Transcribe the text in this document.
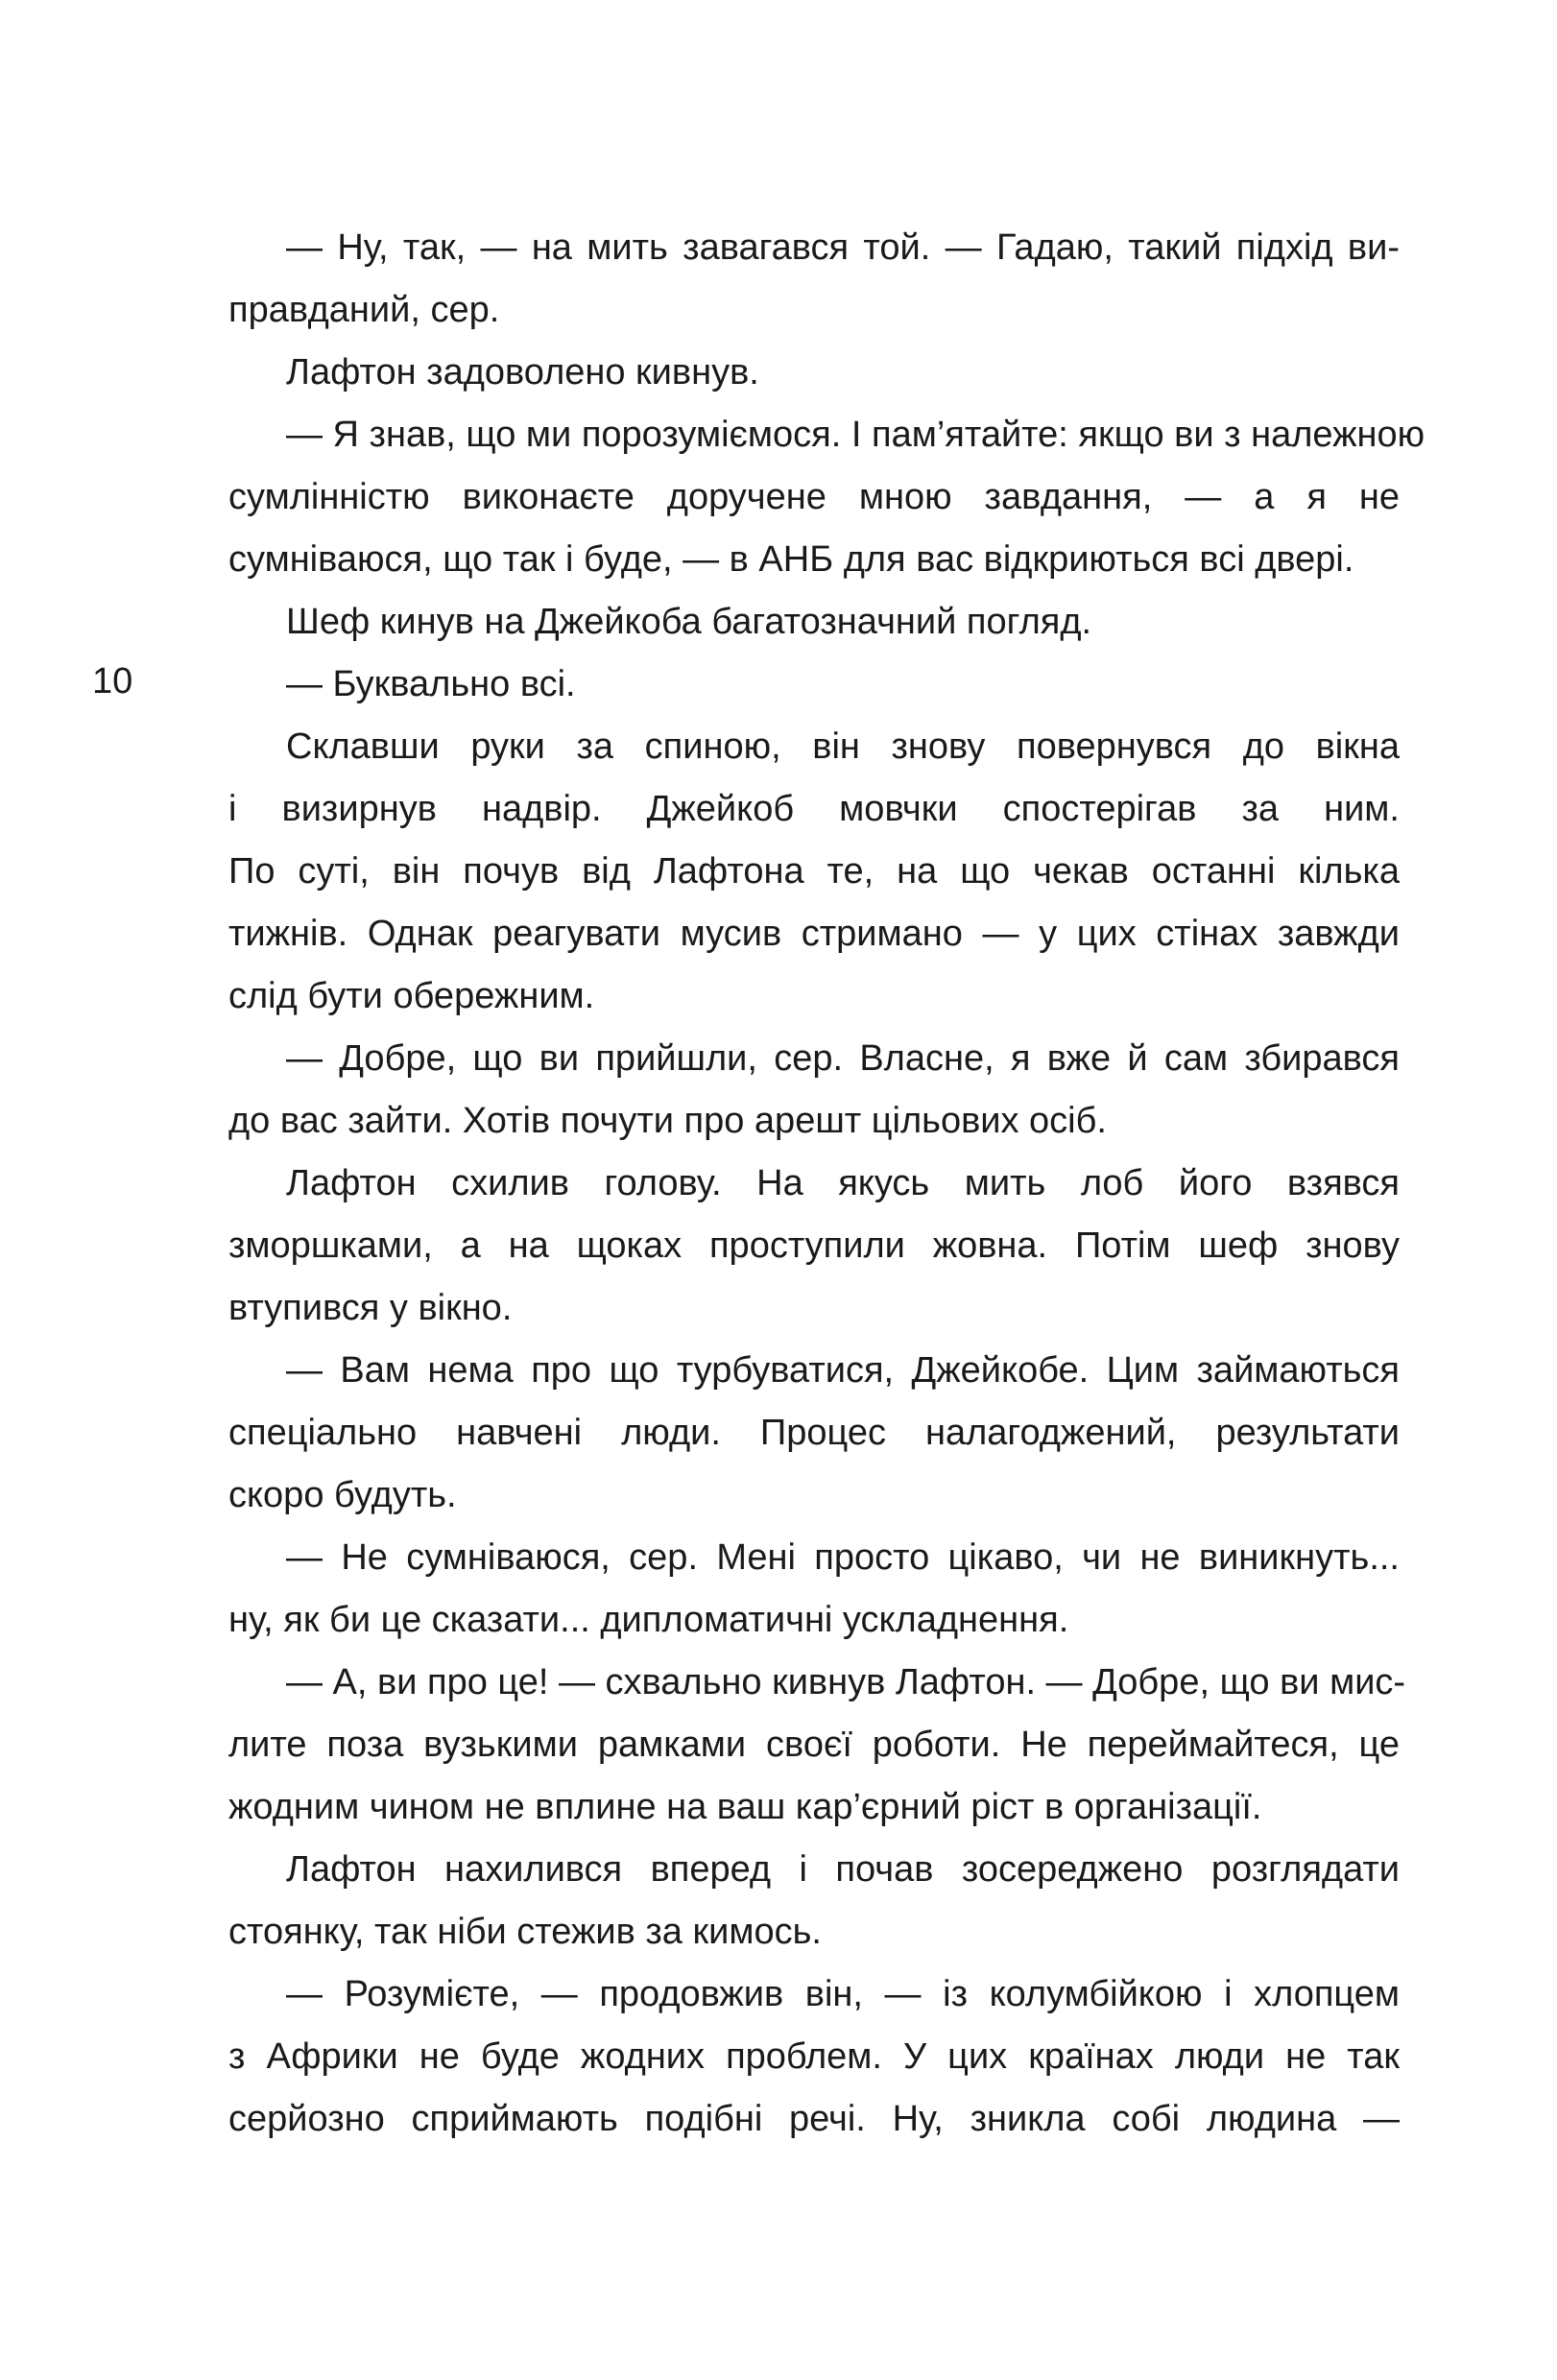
10
— Ну, так, — на мить завагався той. — Гадаю, такий підхід ви-
правданий, сер.
Лафтон задоволено кивнув.
— Я знав, що ми порозуміємося. І пам’ятайте: якщо ви з належною
сумлінністю виконаєте доручене мною завдання, — а я не
сумніваюся, що так і буде, — в АНБ для вас відкриються всі двері.
Шеф кинув на Джейкоба багатозначний погляд.
— Буквально всі.
Склавши руки за спиною, він знову повернувся до вікна
і визирнув надвір. Джейкоб мовчки спостерігав за ним.
По суті, він почув від Лафтона те, на що чекав останні кілька
тижнів. Однак реагувати мусив стримано — у цих стінах завжди
слід бути обережним.
— Добре, що ви прийшли, сер. Власне, я вже й сам збирався
до вас зайти. Хотів почути про арешт цільових осіб.
Лафтон схилив голову. На якусь мить лоб його взявся
зморшками, а на щоках проступили жовна. Потім шеф знову
втупився у вікно.
— Вам нема про що турбуватися, Джейкобе. Цим займаються
спеціально навчені люди. Процес налагоджений, результати
скоро будуть.
— Не сумніваюся, сер. Мені просто цікаво, чи не виникнуть...
ну, як би це сказати... дипломатичні ускладнення.
— А, ви про це! — схвально кивнув Лафтон. — Добре, що ви мис-
лите поза вузькими рамками своєї роботи. Не переймайтеся, це
жодним чином не вплине на ваш кар’єрний ріст в організації.
Лафтон нахилився вперед і почав зосереджено розглядати
стоянку, так ніби стежив за кимось.
— Розумієте, — продовжив він, — із колумбійкою і хлопцем
з Африки не буде жодних проблем. У цих країнах люди не так
серйозно сприймають подібні речі. Ну, зникла собі людина —
